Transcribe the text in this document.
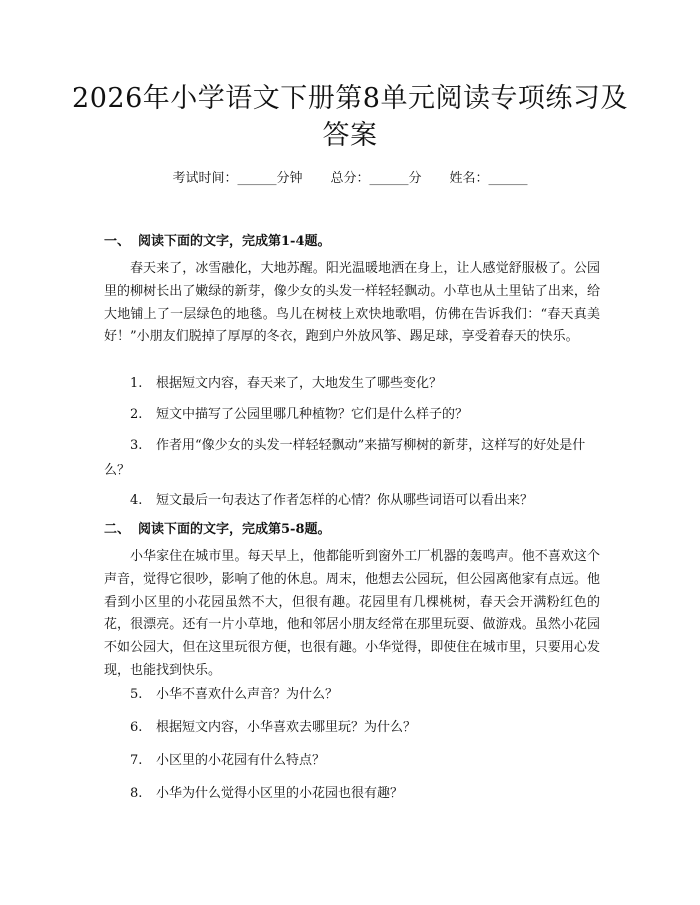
2026年小学语文下册第8单元阅读专项练习及答案
考试时间：______分钟 总分：______分 姓名：______
一、 阅读下面的文字，完成第1-4题。

春天来了，冰雪融化，大地苏醒。阳光温暖地洒在身上，让人感觉舒服极了。公园里的柳树长出了嫩绿的新芽，像少女的头发一样轻轻飘动。小草也从土里钻了出来，给大地铺上了一层绿色的地毯。鸟儿在树枝上欢快地歌唱，仿佛在告诉我们：“春天真美好！”小朋友们脱掉了厚厚的冬衣，跑到户外放风筝、踢足球，享受着春天的快乐。

1. 根据短文内容，春天来了，大地发生了哪些变化？

2. 短文中描写了公园里哪几种植物？它们是什么样子的？

3. 作者用“像少女的头发一样轻轻飘动”来描写柳树的新芽，这样写的好处是什么？

4. 短文最后一句表达了作者怎样的心情？你从哪些词语可以看出来？

二、 阅读下面的文字，完成第5-8题。

小华家住在城市里。每天早上，他都能听到窗外工厂机器的轰鸣声。他不喜欢这个声音，觉得它很吵，影响了他的休息。周末，他想去公园玩，但公园离他家有点远。他看到小区里的小花园虽然不大，但很有趣。花园里有几棵桃树，春天会开满粉红色的花，很漂亮。还有一片小草地，他和邻居小朋友经常在那里玩耍、做游戏。虽然小花园不如公园大，但在这里玩很方便，也很有趣。小华觉得，即使住在城市里，只要用心发现，也能找到快乐。

5. 小华不喜欢什么声音？为什么？

6. 根据短文内容，小华喜欢去哪里玩？为什么？

7. 小区里的小花园有什么特点？

8. 小华为什么觉得小区里的小花园也很有趣？
